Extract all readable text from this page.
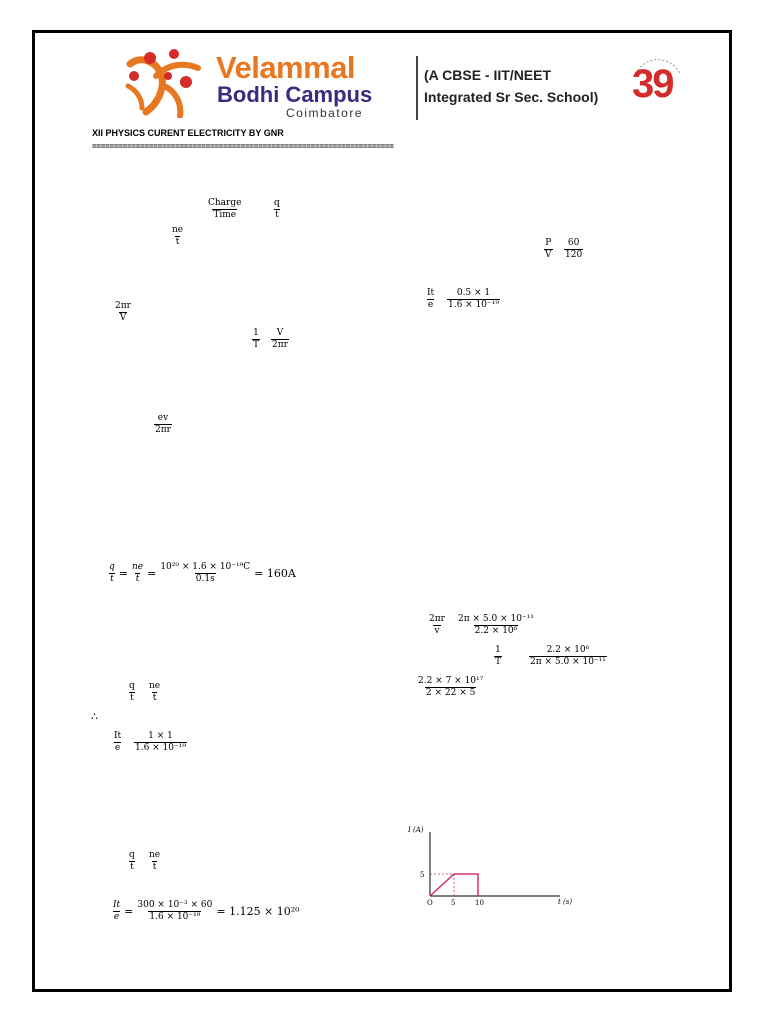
Velammal
Bodhi Campus
Coimbatore
(A CBSE - IIT/NEET
Integrated Sr Sec. School) 39
XII PHYSICS CURENT ELECTRICITY BY GNR
=====================================================================
Charge
Time	$\frac{q}{t}$
$\frac{ne}{t}$
$\frac{P}{V} \frac{60}{120}$
$\frac{It}{e} \frac{0.5 \times 1}{\text{1.6 × 10⁻¹⁹}}$
$\frac{2\pi r}{V}$
$\frac{1}{T} \frac{V}{2\pi r}$
$\frac{ev}{2\pi r}$
$\frac{q}{t} = \frac{ne}{t} = \frac{\text{10²⁰ × 1.6 × 10⁻¹⁹C}}{0.1s} = 160A$
$\frac{2\pi r}{v} \frac{\text{2π × 5.0 × 10⁻¹¹}}{\text{2.2 × 10⁶}}$
$\frac{1}{T}$	$\frac{\text{2.2 × 10⁶}}{\text{2π × 5.0 × 10⁻¹¹}}$
$\frac{\text{2.2 × 7 × 10¹⁷}}{2 \times 22 \times 5}$
$\frac{q}{t} \frac{ne}{t}$
∴
$\frac{It}{e} \frac{1 \times 1}{\text{1.6 × 10⁻¹⁹}}$
$\frac{q}{t} \frac{ne}{t}$
$\frac{It}{e} = \frac{\text{300 × 10⁻³ × 60}}{\text{1.6 × 10⁻¹⁹}} = 1.125 \times 10^{20}$
I (A)
t (s)
O	5	10
5
